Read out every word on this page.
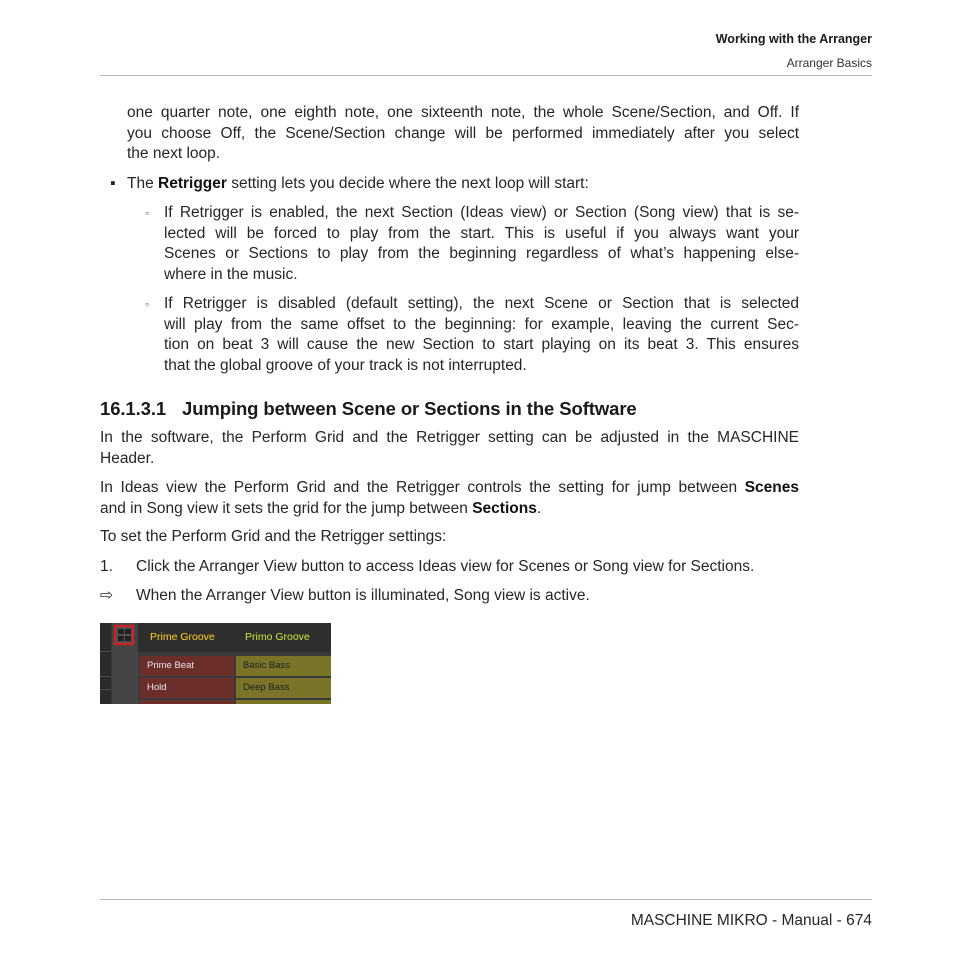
Working with the Arranger
Arranger Basics
one quarter note, one eighth note, one sixteenth note, the whole Scene/Section, and Off. If
you choose Off, the Scene/Section change will be performed immediately after you select
the next loop.
▪ The Retrigger setting lets you decide where the next loop will start:
◦ If Retrigger is enabled, the next Section (Ideas view) or Section (Song view) that is se-
lected will be forced to play from the start. This is useful if you always want your
Scenes or Sections to play from the beginning regardless of what’s happening else-
where in the music.
◦ If Retrigger is disabled (default setting), the next Scene or Section that is selected
will play from the same offset to the beginning: for example, leaving the current Sec-
tion on beat 3 will cause the new Section to start playing on its beat 3. This ensures
that the global groove of your track is not interrupted.
16.1.3.1 Jumping between Scene or Sections in the Software
In the software, the Perform Grid and the Retrigger setting can be adjusted in the MASCHINE
Header.
In Ideas view the Perform Grid and the Retrigger controls the setting for jump between Scenes
and in Song view it sets the grid for the jump between Sections.
To set the Perform Grid and the Retrigger settings:
1. Click the Arranger View button to access Ideas view for Scenes or Song view for Sections.
⇨ When the Arranger View button is illuminated, Song view is active.
Prime Groove	Primo Groove
Prime Beat
Hold
Basic Bass
Deep Bass
MASCHINE MIKRO - Manual - 674
